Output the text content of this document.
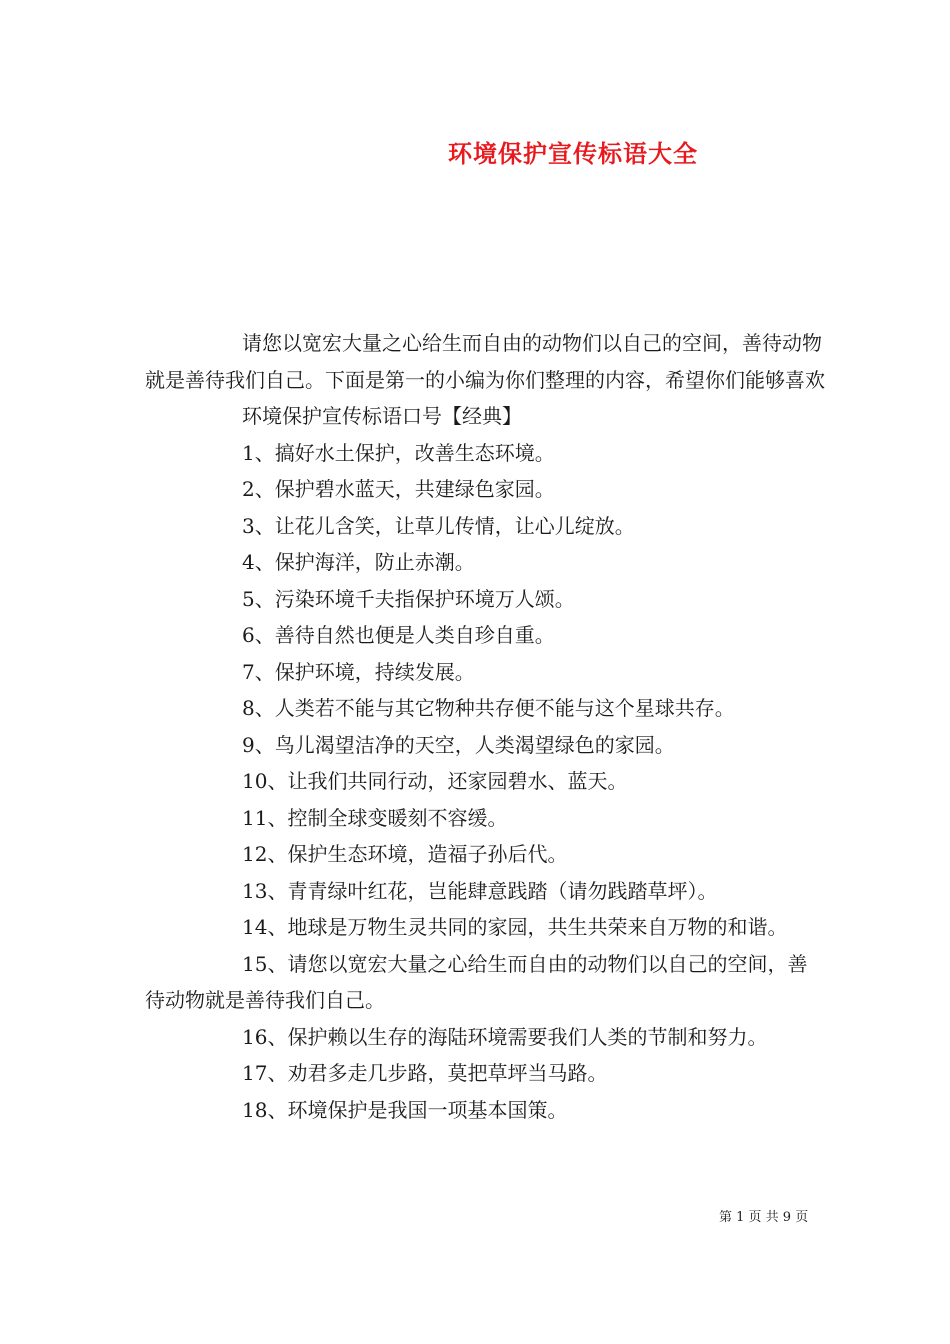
环境保护宣传标语大全

请您以宽宏大量之心给生而自由的动物们以自己的空间，善待动物就是善待我们自己。下面是第一的小编为你们整理的内容，希望你们能够喜欢

环境保护宣传标语口号【经典】

1、搞好水土保护，改善生态环境。

2、保护碧水蓝天，共建绿色家园。

3、让花儿含笑，让草儿传情，让心儿绽放。

4、保护海洋，防止赤潮。

5、污染环境千夫指保护环境万人颂。

6、善待自然也便是人类自珍自重。

7、保护环境，持续发展。

8、人类若不能与其它物种共存便不能与这个星球共存。

9、鸟儿渴望洁净的天空，人类渴望绿色的家园。

10、让我们共同行动，还家园碧水、蓝天。

11、控制全球变暖刻不容缓。

12、保护生态环境，造福子孙后代。

13、青青绿叶红花，岂能肆意践踏（请勿践踏草坪）。

14、地球是万物生灵共同的家园，共生共荣来自万物的和谐。

15、请您以宽宏大量之心给生而自由的动物们以自己的空间，善待动物就是善待我们自己。

16、保护赖以生存的海陆环境需要我们人类的节制和努力。

17、劝君多走几步路，莫把草坪当马路。

18、环境保护是我国一项基本国策。

第 1 页 共 9 页
